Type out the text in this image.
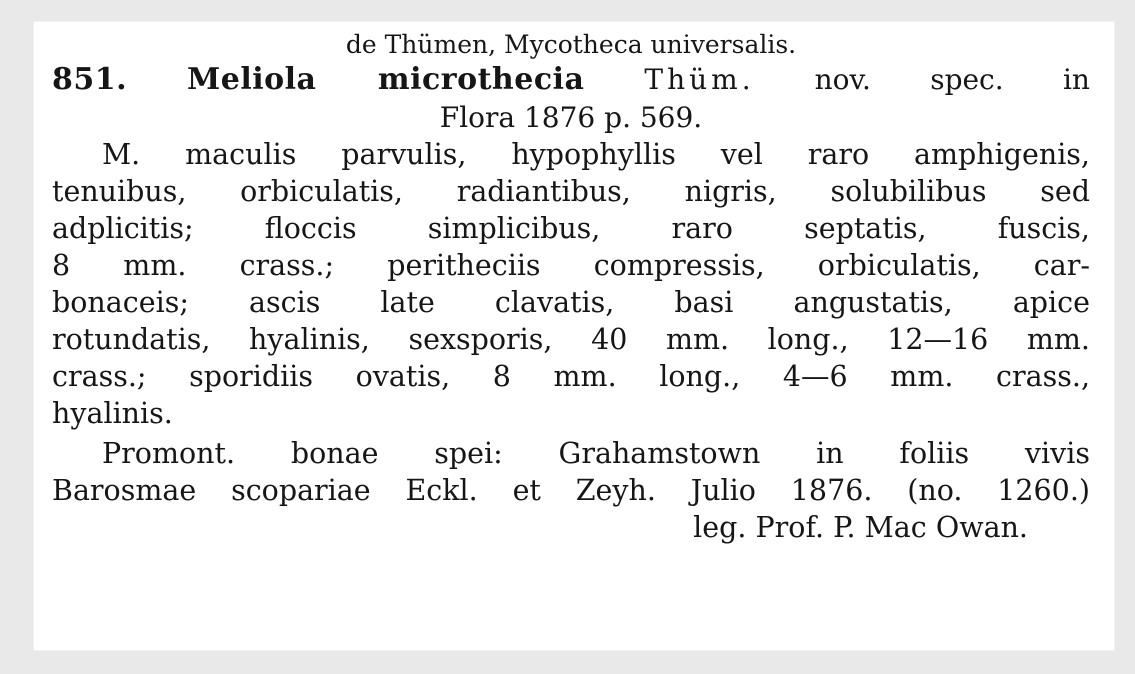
de Thümen, Mycotheca universalis.
851. Meliola microthecia Thüm. nov. spec. in
Flora 1876 p. 569.
M. maculis parvulis, hypophyllis vel raro amphigenis,
tenuibus, orbiculatis, radiantibus, nigris, solubilibus sed
adplicitis; floccis simplicibus, raro septatis, fuscis,
8 mm. crass.; peritheciis compressis, orbiculatis, car-
bonaceis; ascis late clavatis, basi angustatis, apice
rotundatis, hyalinis, sexsporis, 40 mm. long., 12—16 mm.
crass.; sporidiis ovatis, 8 mm. long., 4—6 mm. crass.,
hyalinis.
Promont. bonae spei: Grahamstown in foliis vivis
Barosmae scopariae Eckl. et Zeyh. Julio 1876. (no. 1260.)
leg. Prof. P. Mac Owan.
